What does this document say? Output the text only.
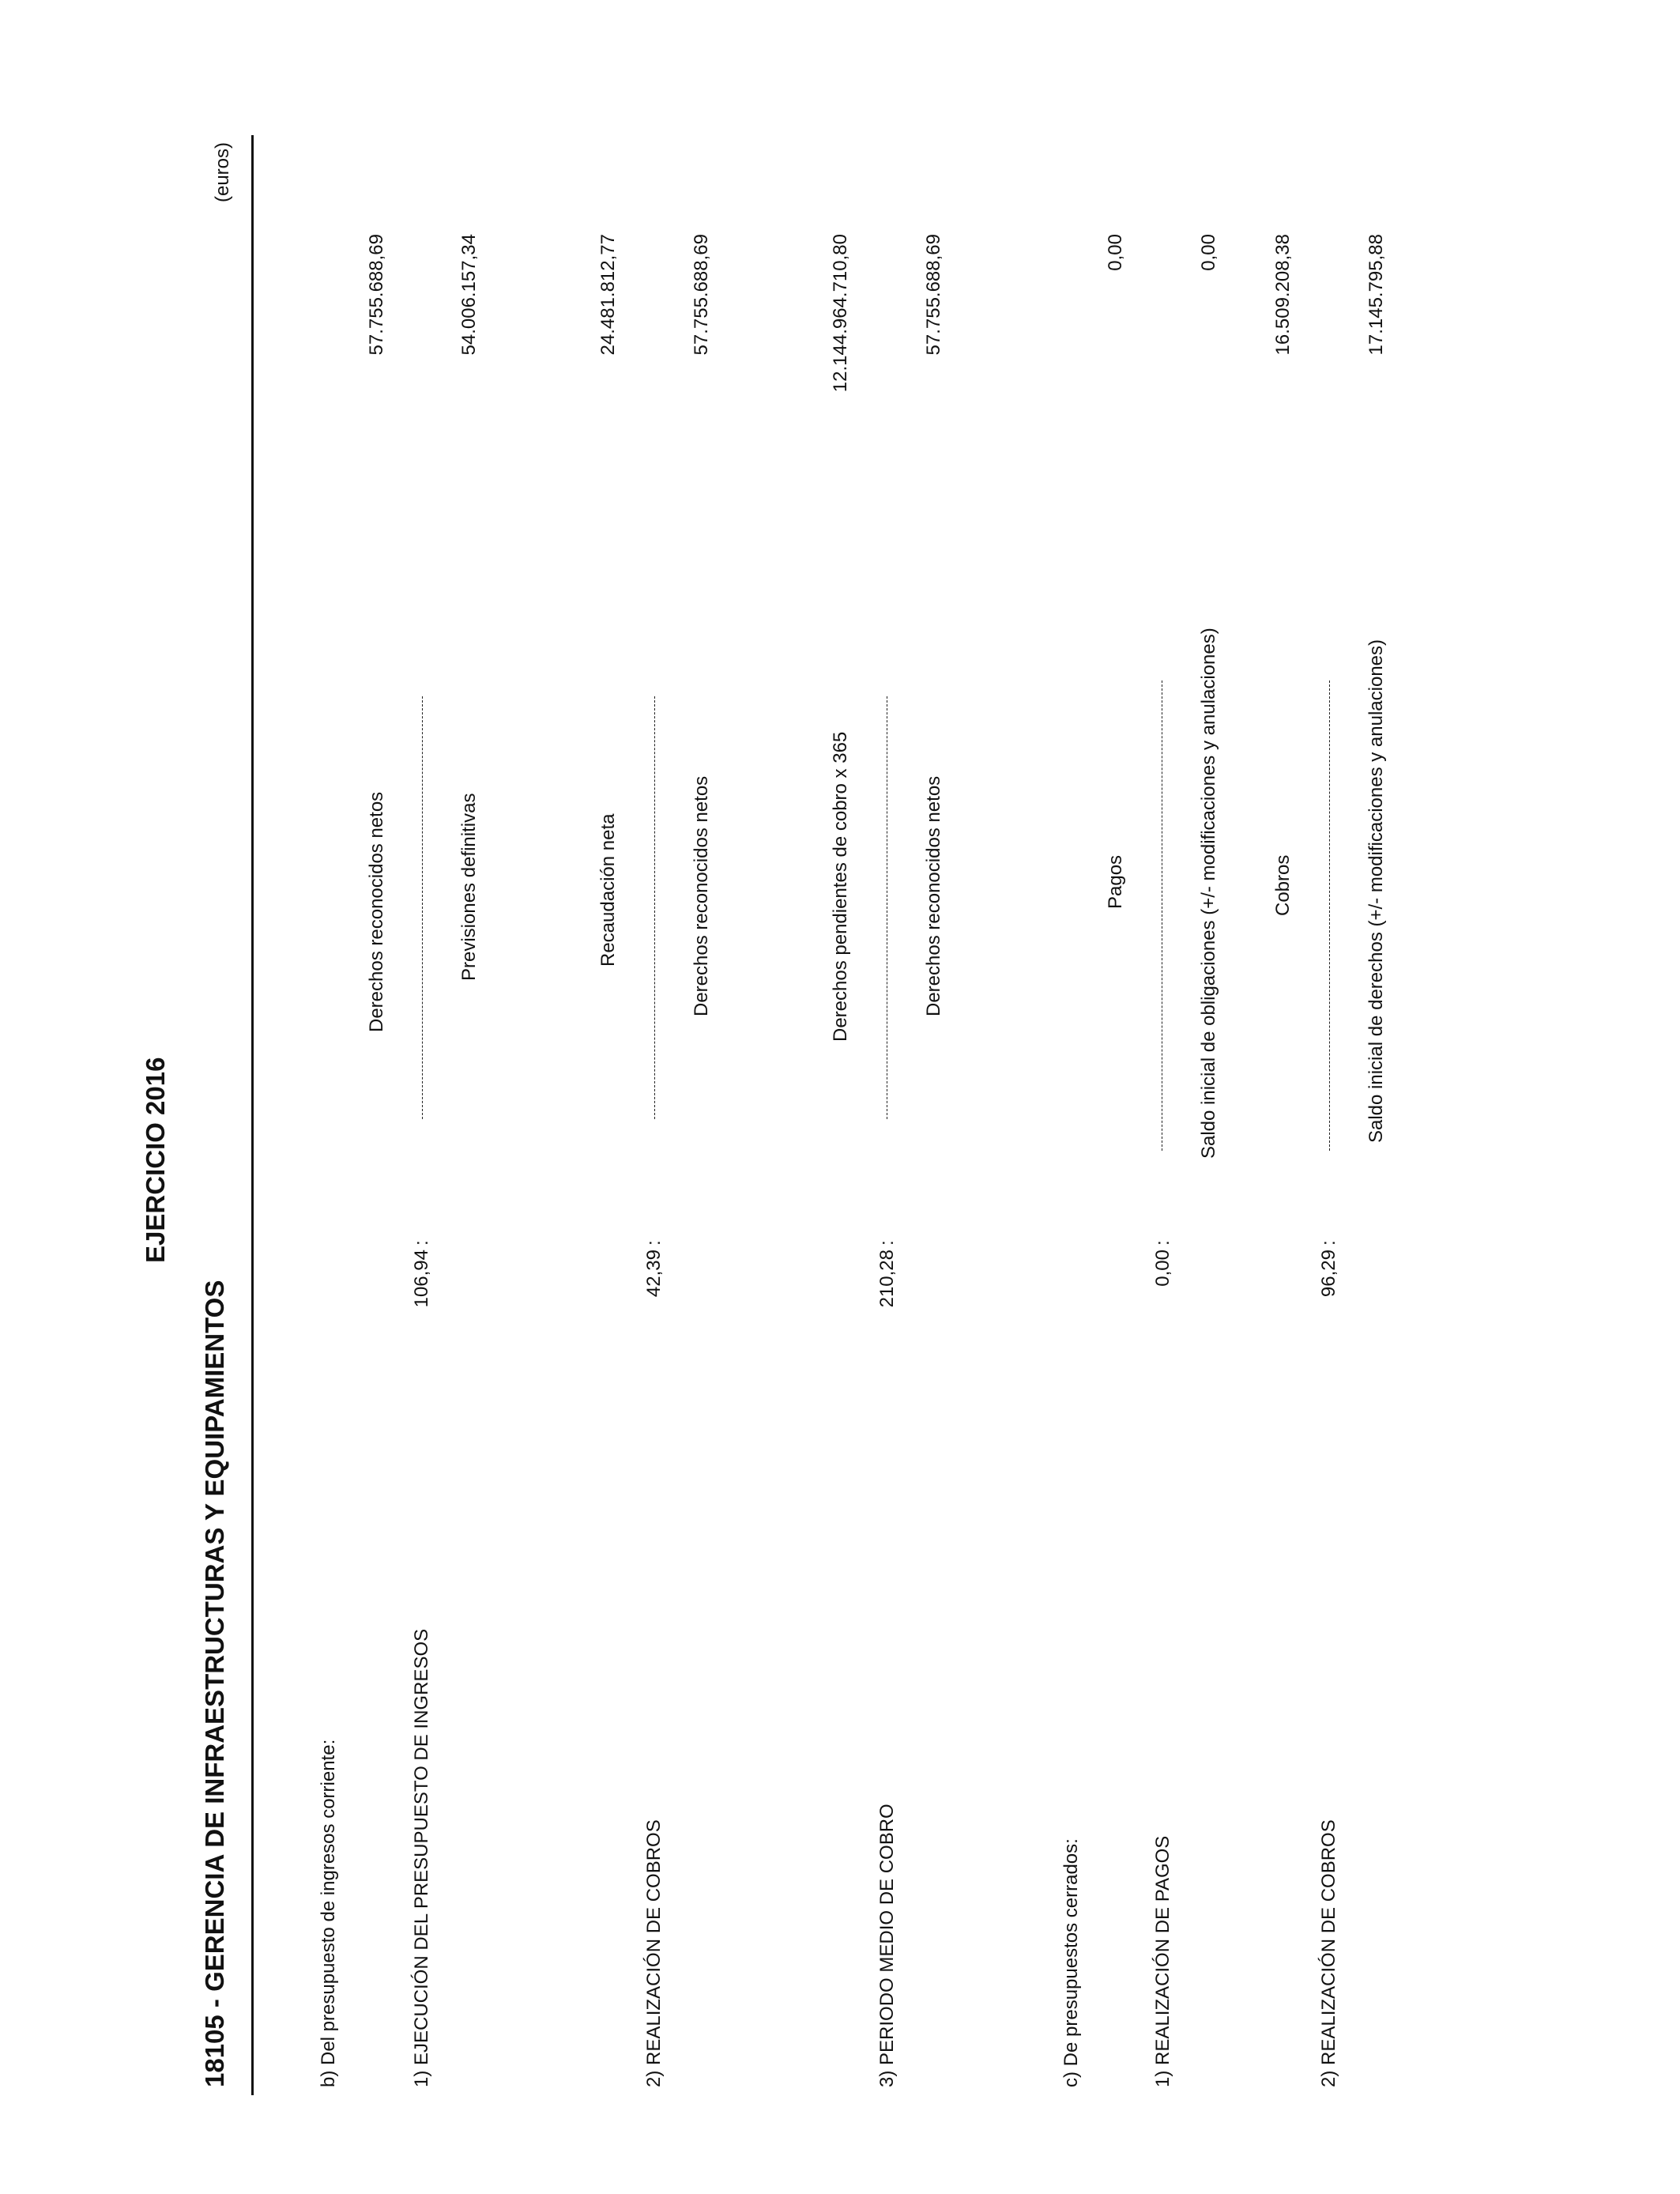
18105 - GERENCIA DE INFRAESTRUCTURAS Y EQUIPAMIENTOS
EJERCICIO 2016
(euros)
b) Del presupuesto de ingresos corriente:	1) EJECUCIÓN DEL PRESUPUESTO DE INGRESOS
106,94
:
Derechos reconocidos netos	Previsiones definitivas
57.755.688,69	54.006.157,34
2) REALIZACIÓN DE COBROS
42,39
:
Recaudación neta	Derechos reconocidos netos
24.481.812,77	57.755.688,69
3) PERIODO MEDIO DE COBRO
210,28
:
Derechos pendientes de cobro x 365	Derechos reconocidos netos
12.144.964.710,80	57.755.688,69
c) De presupuestos cerrados:	1) REALIZACIÓN DE PAGOS
0,00
:
Pagos	Saldo inicial de obligaciones (+/- modificaciones y anulaciones)
0,00	0,00
2) REALIZACIÓN DE COBROS
96,29
:
Cobros	Saldo inicial de derechos (+/- modificaciones y anulaciones)
16.509.208,38	17.145.795,88
